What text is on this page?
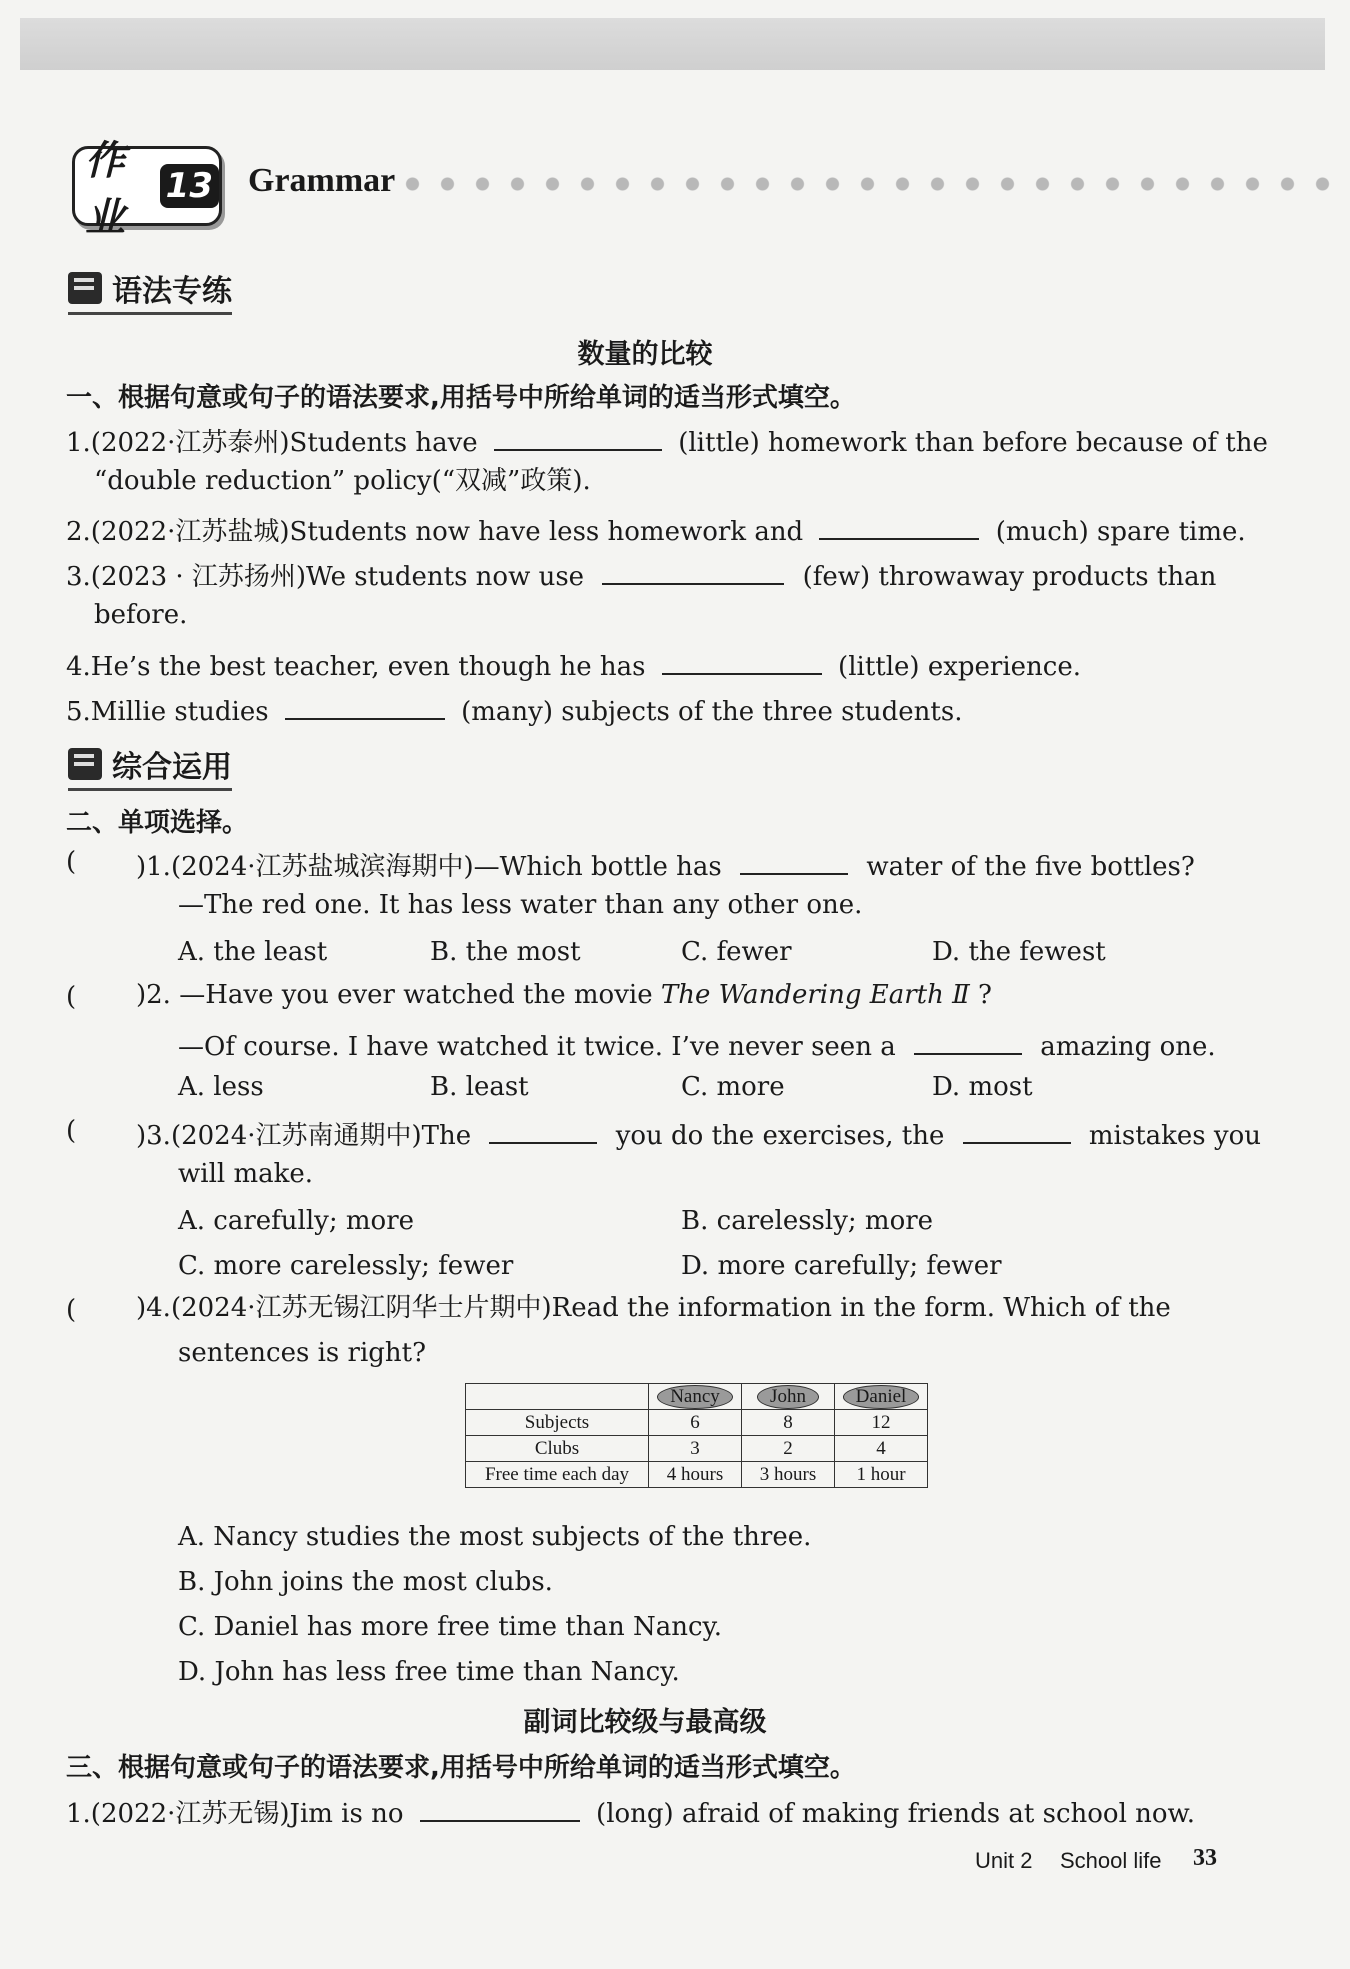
作业
13 Grammar
语法专练
数量的比较
一、根据句意或句子的语法要求,用括号中所给单词的适当形式填空。
1.(2022·江苏泰州)Students have	(little) homework than before because of the
“double reduction” policy(“双减”政策).
2.(2022·江苏盐城)Students now have less homework and	(much) spare time.
3.(2023 · 江苏扬州)We students now use	(few) throwaway products than
before.
4.He’s the best teacher, even though he has	(little) experience.
5.Millie studies	(many) subjects of the three students.
综合运用
二、单项选择。
( )1.(2024·江苏盐城滨海期中)—Which bottle has	water of the five bottles?
—The red one. It has less water than any other one.
A. the least	B. the most	C. fewer	D. the fewest
( )2. —Have you ever watched the movie The Wandering Earth Ⅱ ?
—Of course. I have watched it twice. I’ve never seen a	amazing one.
A. less	B. least	C. more	D. most
( )3.(2024·江苏南通期中)The	you do the exercises, the	mistakes you
will make.
A. carefully; more	B. carelessly; more
C. more carelessly; fewer	D. more carefully; fewer
( )4.(2024·江苏无锡江阴华士片期中)Read the information in the form. Which of the
sentences is right?
	Nancy	John	Daniel
Subjects	6	8	12
Clubs	3	2	4
Free time each day	4 hours	3 hours	1 hour
A. Nancy studies the most subjects of the three.
B. John joins the most clubs.
C. Daniel has more free time than Nancy.
D. John has less free time than Nancy.
副词比较级与最高级
三、根据句意或句子的语法要求,用括号中所给单词的适当形式填空。
1.(2022·江苏无锡)Jim is no	(long) afraid of making friends at school now.
Unit 2 School life 33
